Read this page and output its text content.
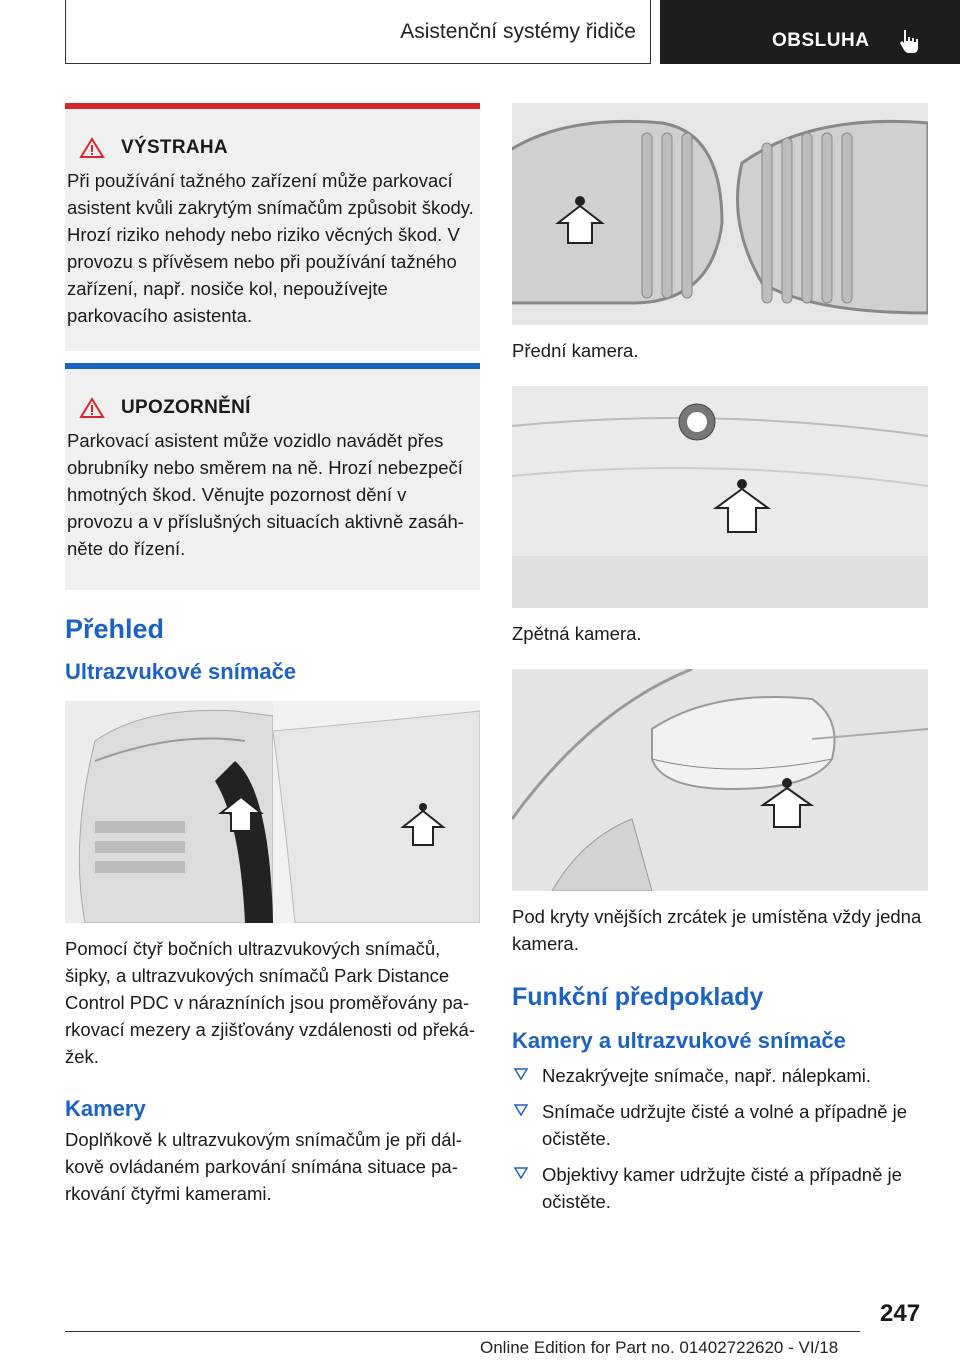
Asistenční systémy řidiče	OBSLUHA
VÝSTRAHA

Při používání tažného zařízení může parkovací asistent kvůli zakrytým snímačům způsobit škody. Hrozí riziko nehody nebo riziko věcných škod. V provozu s přívěsem nebo při používání tažného zařízení, např. nosiče kol, nepoužívejte parkovacího asistenta.

UPOZORNĚNÍ

Parkovací asistent může vozidlo navádět přes obrubníky nebo směrem na ně. Hrozí nebezpečí hmotných škod. Věnujte pozornost dění v provozu a v příslušných situacích aktivně zasáhněte do řízení.

Přehled
Ultrazvukové snímače

Pomocí čtyř bočních ultrazvukových snímačů, šipky, a ultrazvukových snímačů Park Distance Control PDC v nárazníních jsou proměřovány parkovací mezery a zjišťovány vzdálenosti od překážek.

Kamery

Doplňkově k ultrazvukovým snímačům je při dálkově ovládaném parkování snímána situace parkování čtyřmi kamerami.

Přední kamera.

Zpětná kamera.

Pod kryty vnějších zrcátek je umístěna vždy jedna kamera.

Funkční předpoklady
Kamery a ultrazvukové snímače
Nezakrývejte snímače, např. nálepkami.
Snímače udržujte čisté a volné a případně je očistěte.
Objektivy kamer udržujte čisté a případně je očistěte.
247
Online Edition for Part no. 01402722620 - VI/18
